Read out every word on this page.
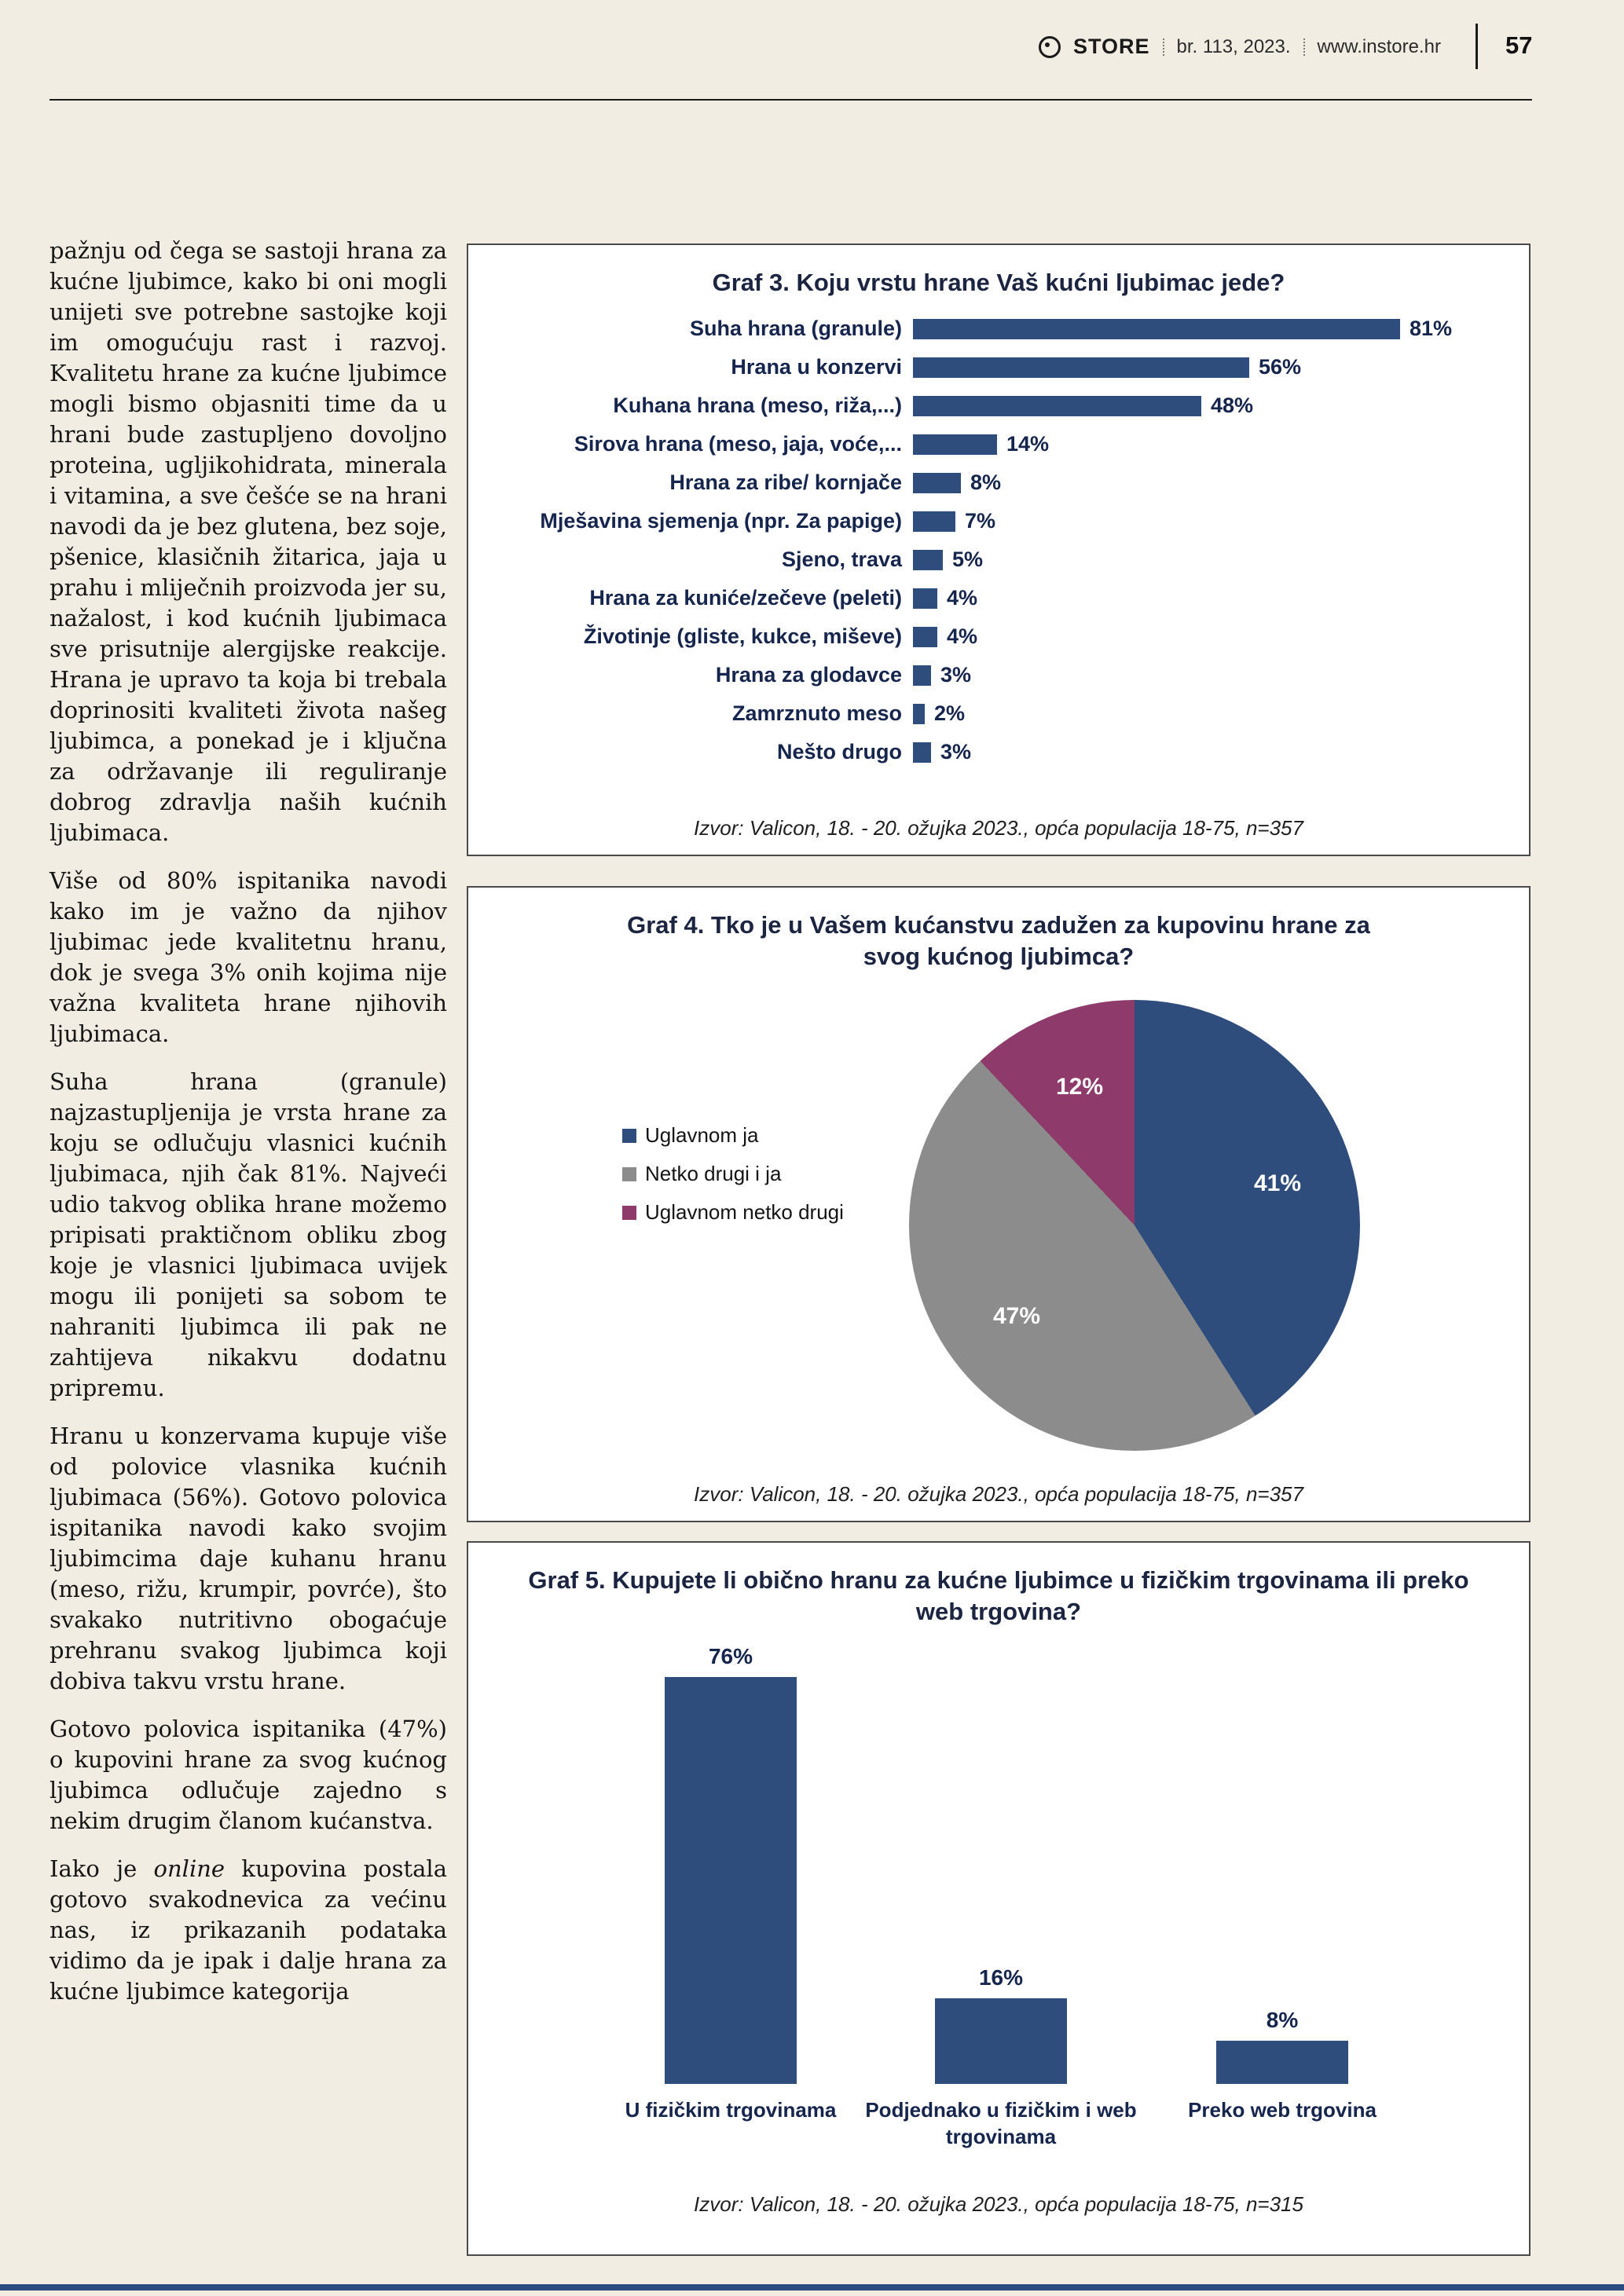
STORE br. 113, 2023. www.instore.hr	57

pažnju od čega se sastoji hrana za kućne ljubimce, kako bi oni mogli unijeti sve potrebne sastojke koji im omogućuju rast i razvoj. Kvalitetu hrane za kućne ljubimce mogli bismo objasniti time da u hrani bude zastupljeno dovoljno proteina, ugljikohidrata, minerala i vitamina, a sve češće se na hrani navodi da je bez glutena, bez soje, pšenice, klasičnih žitarica, jaja u prahu i mliječnih proizvoda jer su, nažalost, i kod kućnih ljubimaca sve prisutnije alergijske reakcije. Hrana je upravo ta koja bi trebala doprinositi kvaliteti života našeg ljubimca, a ponekad je i ključna za održavanje ili reguliranje dobrog zdravlja naših kućnih ljubimaca.

Više od 80% ispitanika navodi kako im je važno da njihov ljubimac jede kvalitetnu hranu, dok je svega 3% onih kojima nije važna kvaliteta hrane njihovih ljubimaca.

Suha hrana (granule) najzastupljenija je vrsta hrane za koju se odlučuju vlasnici kućnih ljubimaca, njih čak 81%. Najveći udio takvog oblika hrane možemo pripisati praktičnom obliku zbog koje je vlasnici ljubimaca uvijek mogu ili ponijeti sa sobom te nahraniti ljubimca ili pak ne zahtijeva nikakvu dodatnu pripremu.

Hranu u konzervama kupuje više od polovice vlasnika kućnih ljubimaca (56%). Gotovo polovica ispitanika navodi kako svojim ljubimcima daje kuhanu hranu (meso, rižu, krumpir, povrće), što svakako nutritivno obogaćuje prehranu svakog ljubimca koji dobiva takvu vrstu hrane.

Gotovo polovica ispitanika (47%) o kupovini hrane za svog kućnog ljubimca odlučuje zajedno s nekim drugim članom kućanstva.

Iako je online kupovina postala gotovo svakodnevica za većinu nas, iz prikazanih podataka vidimo da je ipak i dalje hrana za kućne ljubimce kategorija

Graf 3. Koju vrstu hrane Vaš kućni ljubimac jede?
Suha hrana (granule)	81%
Hrana u konzervi	56%
Kuhana hrana (meso, riža,...)	48%
Sirova hrana (meso, jaja, voće,...	14%
Hrana za ribe/ kornjače	8%
Mješavina sjemenja (npr. Za papige)	7%
Sjeno, trava	5%
Hrana za kuniće/zečeve (peleti)	4%
Životinje (gliste, kukce, miševe)	4%
Hrana za glodavce	3%
Zamrznuto meso	2%
Nešto drugo	3%

Izvor: Valicon, 18. - 20. ožujka 2023., opća populacija 18-75, n=357

Graf 4. Tko je u Vašem kućanstvu zadužen za kupovinu hrane za svog kućnog ljubimca?
Uglavnom ja
Netko drugi i ja
Uglavnom netko drugi
41%
47%
12%

Izvor: Valicon, 18. - 20. ožujka 2023., opća populacija 18-75, n=357

Graf 5. Kupujete li obično hranu za kućne ljubimce u fizičkim trgovinama ili preko web trgovina?
76%
U fizičkim trgovinama
16%
Podjednako u fizičkim i web trgovinama
8%
Preko web trgovina

Izvor: Valicon, 18. - 20. ožujka 2023., opća populacija 18-75, n=315
